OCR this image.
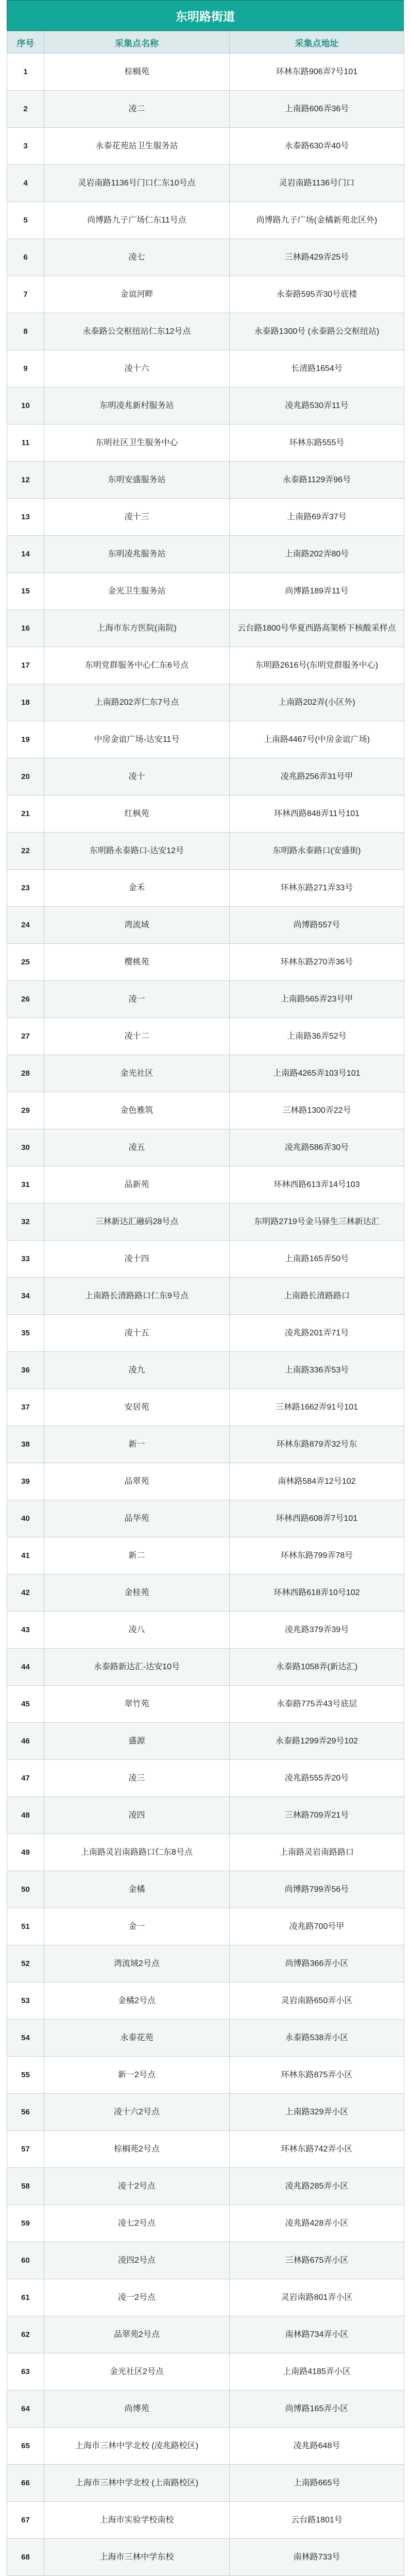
东明路街道
序号	采集点名称	采集点地址
1	棕榈苑	环林东路906弄7号101
2	凌二	上南路606弄36号
3	永泰花苑站卫生服务站	永泰路630弄40号
4	灵岩南路1136号门口仁东10号点	灵岩南路1136号门口
5	尚博路九子广场仁东11号点	尚博路九子广场(金橘新苑北区外)
6	凌七	三林路429弄25号
7	金谊河畔	永泰路595弄30号底楼
8	永泰路公交枢纽站仁东12号点	永泰路1300号 (永泰路公交枢纽站)
9	凌十六	长清路1654号
10	东明凌兆新村服务站	凌兆路530弄11号
11	东明社区卫生服务中心	环林东路555号
12	东明安盛服务站	永泰路1129弄96号
13	凌十三	上南路69弄37号
14	东明凌兆服务站	上南路202弄80号
15	金光卫生服务站	尚博路189弄11号
16	上海市东方医院(南院)	云台路1800号华夏西路高架桥下核酸采样点
17	东明党群服务中心仁东6号点	东明路2616号(东明党群服务中心)
18	上南路202弄仁东7号点	上南路202弄(小区外)
19	中房金谊广场-达安11号	上南路4467号(中房金谊广场)
20	凌十	凌兆路256弄31号甲
21	红枫苑	环林西路848弄11号101
22	东明路永泰路口-达安12号	东明路永泰路口(安盛街)
23	金禾	环林东路271弄33号
24	湾流域	尚博路557号
25	樱桃苑	环林东路270弄36号
26	凌一	上南路565弄23号甲
27	凌十二	上南路36弄52号
28	金光社区	上南路4265弄103号101
29	金色雅筑	三林路1300弄22号
30	凌五	凌兆路586弄30号
31	品新苑	环林西路613弄14号103
32	三林新达汇融码28号点	东明路2719号金马驿生三林新达汇
33	凌十四	上南路165弄50号
34	上南路长清路路口仁东9号点	上南路长清路路口
35	凌十五	凌兆路201弄71号
36	凌九	上南路336弄53号
37	安居苑	三林路1662弄91号101
38	新一	环林东路879弄32号东
39	品翠苑	南林路584弄12号102
40	品华苑	环林西路608弄7号101
41	新二	环林东路799弄78号
42	金桂苑	环林西路618弄10号102
43	凌八	凌兆路379弄39号
44	永泰路新达汇-达安10号	永泰路1058弄(新达汇)
45	翠竹苑	永泰路775弄43号底层
46	盛源	永泰路1299弄29号102
47	凌三	凌兆路555弄20号
48	凌四	三林路709弄21号
49	上南路灵岩南路路口仁东8号点	上南路灵岩南路路口
50	金橘	尚博路799弄56号
51	金一	凌兆路700号甲
52	湾流域2号点	尚博路366弄小区
53	金橘2号点	灵岩南路650弄小区
54	永泰花苑	永泰路538弄小区
55	新一2号点	环林东路875弄小区
56	凌十六2号点	上南路329弄小区
57	棕榈苑2号点	环林东路742弄小区
58	凌十2号点	凌兆路285弄小区
59	凌七2号点	凌兆路428弄小区
60	凌四2号点	三林路675弄小区
61	凌一2号点	灵岩南路801弄小区
62	品翠苑2号点	南林路734弄小区
63	金光社区2号点	上南路4185弄小区
64	尚博苑	尚博路165弄小区
65	上海市三林中学北校 (凌兆路校区)	凌兆路648号
66	上海市三林中学北校 (上南路校区)	上南路665号
67	上海市实验学校南校	云台路1801号
68	上海市三林中学东校	南林路733号
